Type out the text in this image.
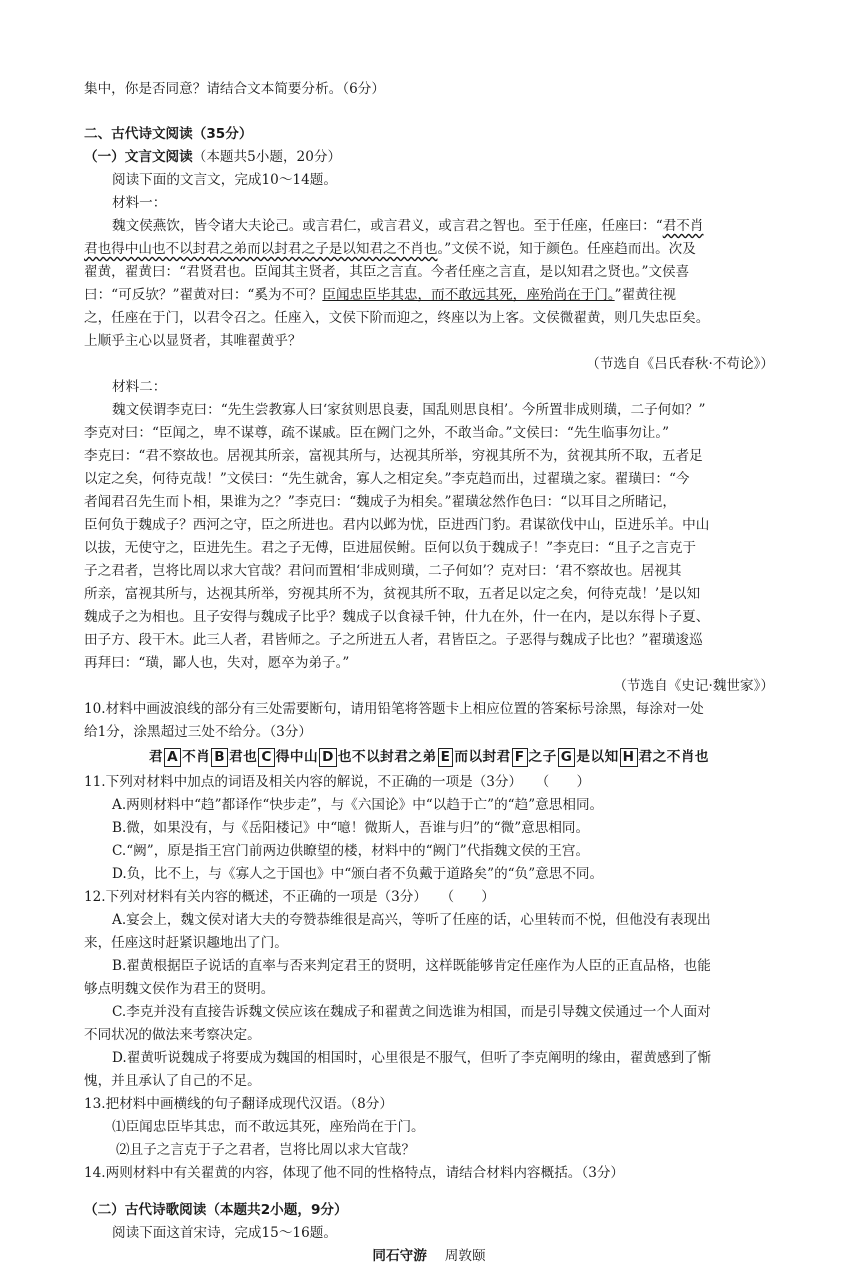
集中，你是否同意？请结合文本简要分析。（6分）
二、古代诗文阅读（35分）
（一）文言文阅读（本题共5小题，20分）
阅读下面的文言文，完成10～14题。
材料一：
魏文侯燕饮，皆令诸大夫论己。或言君仁，或言君义，或言君之智也。至于任座，任座曰：“君不肖
君也得中山也不以封君之弟而以封君之子是以知君之不肖也。”文侯不说，知于颜色。任座趋而出。次及
翟黄，翟黄曰：“君贤君也。臣闻其主贤者，其臣之言直。今者任座之言直，是以知君之贤也。”文侯喜
曰：“可反欤？”翟黄对曰：“奚为不可？臣闻忠臣毕其忠，而不敢远其死，座殆尚在于门。”翟黄往视
之，任座在于门，以君令召之。任座入，文侯下阶而迎之，终座以为上客。文侯微翟黄，则几失忠臣矣。
上顺乎主心以显贤者，其唯翟黄乎？
（节选自《吕氏春秋·不苟论》）
材料二：
魏文侯谓李克曰：“先生尝教寡人曰‘家贫则思良妻，国乱则思良相’。今所置非成则璜，二子何如？”
李克对曰：“臣闻之，卑不谋尊，疏不谋戚。臣在阙门之外，不敢当命。”文侯曰：“先生临事勿让。”
李克曰：“君不察故也。居视其所亲，富视其所与，达视其所举，穷视其所不为，贫视其所不取，五者足
以定之矣，何待克哉！”文侯曰：“先生就舍，寡人之相定矣。”李克趋而出，过翟璜之家。翟璜曰：“今
者闻君召先生而卜相，果谁为之？”李克曰：“魏成子为相矣。”翟璜忿然作色曰：“以耳目之所睹记，
臣何负于魏成子？西河之守，臣之所进也。君内以邺为忧，臣进西门豹。君谋欲伐中山，臣进乐羊。中山
以拔，无使守之，臣进先生。君之子无傅，臣进屈侯鲋。臣何以负于魏成子！”李克曰：“且子之言克于
子之君者，岂将比周以求大官哉？君问而置相‘非成则璜，二子何如’？克对曰：‘君不察故也。居视其
所亲，富视其所与，达视其所举，穷视其所不为，贫视其所不取，五者足以定之矣，何待克哉！’是以知
魏成子之为相也。且子安得与魏成子比乎？魏成子以食禄千钟，什九在外，什一在内，是以东得卜子夏、
田子方、段干木。此三人者，君皆师之。子之所进五人者，君皆臣之。子恶得与魏成子比也？”翟璜逡巡
再拜曰：“璜，鄙人也，失对，愿卒为弟子。”
（节选自《史记·魏世家》）
10.材料中画波浪线的部分有三处需要断句，请用铅笔将答题卡上相应位置的答案标号涂黑，每涂对一处
给1分，涂黑超过三处不给分。（3分）
君 A 不肖 B 君也 C 得中山 D 也不以封君之弟 E 而以封君 F 之子 G 是以知 H 君之不肖也
11.下列对材料中加点的词语及相关内容的解说，不正确的一项是（3分）　　（　　）
A.两则材料中“趋”都译作“快步走”，与《六国论》中“以趋于亡”的“趋”意思相同。
B.微，如果没有，与《岳阳楼记》中“噫！微斯人，吾谁与归”的“微”意思相同。
C.“阙”，原是指王宫门前两边供瞭望的楼，材料中的“阙门”代指魏文侯的王宫。
D.负，比不上，与《寡人之于国也》中“颁白者不负戴于道路矣”的“负”意思不同。
12.下列对材料有关内容的概述，不正确的一项是（3分）　　（　　）
A.宴会上，魏文侯对诸大夫的夸赞恭维很是高兴，等听了任座的话，心里转而不悦，但他没有表现出
来，任座这时赶紧识趣地出了门。
B.翟黄根据臣子说话的直率与否来判定君王的贤明，这样既能够肯定任座作为人臣的正直品格，也能
够点明魏文侯作为君王的贤明。
C.李克并没有直接告诉魏文侯应该在魏成子和翟黄之间选谁为相国，而是引导魏文侯通过一个人面对
不同状况的做法来考察决定。
D.翟黄听说魏成子将要成为魏国的相国时，心里很是不服气，但听了李克阐明的缘由，翟黄感到了惭
愧，并且承认了自己的不足。
13.把材料中画横线的句子翻译成现代汉语。（8分）
⑴臣闻忠臣毕其忠，而不敢远其死，座殆尚在于门。
⑵且子之言克于子之君者，岂将比周以求大官哉？
14.两则材料中有关翟黄的内容，体现了他不同的性格特点，请结合材料内容概括。（3分）
（二）古代诗歌阅读（本题共2小题，9分）
阅读下面这首宋诗，完成15～16题。
同石守游 周敦颐
